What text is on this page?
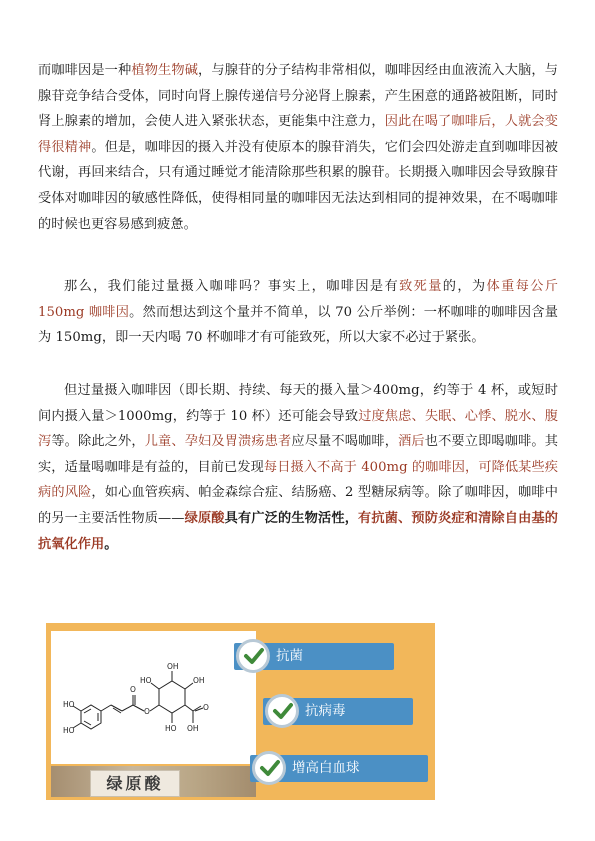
而咖啡因是一种植物生物碱，与腺苷的分子结构非常相似，咖啡因经由血液流入大脑，与腺苷竞争结合受体，同时向肾上腺传递信号分泌肾上腺素，产生困意的通路被阻断，同时肾上腺素的增加，会使人进入紧张状态，更能集中注意力，因此在喝了咖啡后，人就会变得很精神。但是，咖啡因的摄入并没有使原本的腺苷消失，它们会四处游走直到咖啡因被代谢，再回来结合，只有通过睡觉才能清除那些积累的腺苷。长期摄入咖啡因会导致腺苷受体对咖啡因的敏感性降低，使得相同量的咖啡因无法达到相同的提神效果，在不喝咖啡的时候也更容易感到疲惫。

那么，我们能过量摄入咖啡吗？事实上，咖啡因是有致死量的，为体重每公斤 150mg 咖啡因。然而想达到这个量并不简单，以 70 公斤举例：一杯咖啡的咖啡因含量为 150mg，即一天内喝 70 杯咖啡才有可能致死，所以大家不必过于紧张。

但过量摄入咖啡因（即长期、持续、每天的摄入量＞400mg，约等于 4 杯，或短时间内摄入量＞1000mg，约等于 10 杯）还可能会导致过度焦虑、失眠、心悸、脱水、腹泻等。除此之外，儿童、孕妇及胃溃疡患者应尽量不喝咖啡，酒后也不要立即喝咖啡。其实，适量喝咖啡是有益的，目前已发现每日摄入不高于 400mg 的咖啡因，可降低某些疾病的风险，如心血管疾病、帕金森综合症、结肠癌、2 型糖尿病等。除了咖啡因，咖啡中的另一主要活性物质——绿原酸具有广泛的生物活性，有抗菌、预防炎症和清除自由基的抗氧化作用。

HO
HO
O
O
OH
HO	OH
O
OH
HO
绿原酸
抗菌
抗病毒
增高白血球
